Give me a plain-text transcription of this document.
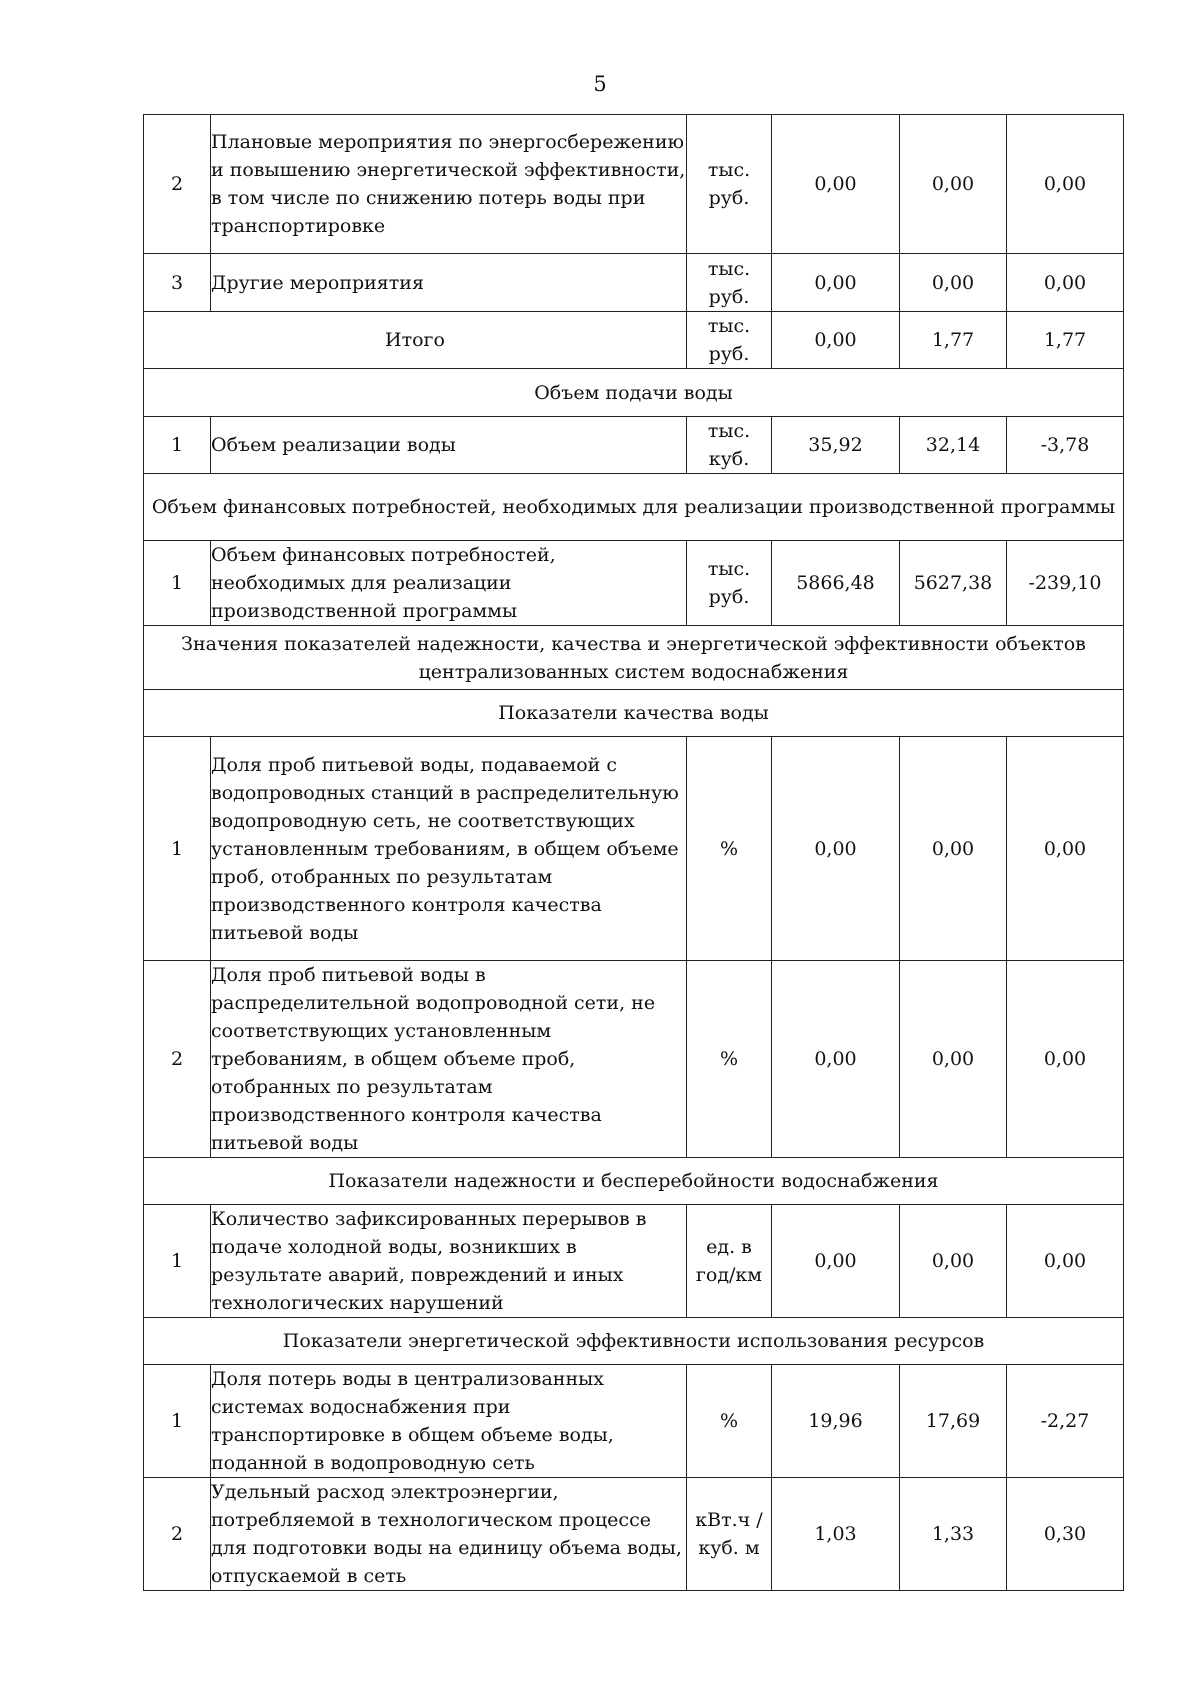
5
2	Плановые мероприятия по энергосбережению и повышению энергетической эффективности, в том числе по снижению потерь воды при транспортировке	тыс. руб.	0,00	0,00	0,00
3	Другие мероприятия	тыс. руб.	0,00	0,00	0,00
Итого		тыс. руб.	0,00	1,77	1,77
Объем подачи воды					
1	Объем реализации воды	тыс. куб.	35,92	32,14	-3,78
Объем финансовых потребностей, необходимых для реализации производственной программы					
1	Объем финансовых потребностей, необходимых для реализации производственной программы	тыс. руб.	5866,48	5627,38	-239,10
Значения показателей надежности, качества и энергетической эффективности объектов централизованных систем водоснабжения					
Показатели качества воды					
1	Доля проб питьевой воды, подаваемой с водопроводных станций в распределительную водопроводную сеть, не соответствующих установленным требованиям, в общем объеме проб, отобранных по результатам производственного контроля качества питьевой воды	%	0,00	0,00	0,00
2	Доля проб питьевой воды в распределительной водопроводной сети, не соответствующих установленным требованиям, в общем объеме проб, отобранных по результатам производственного контроля качества питьевой воды	%	0,00	0,00	0,00
Показатели надежности и бесперебойности водоснабжения					
1	Количество зафиксированных перерывов в подаче холодной воды, возникших в результате аварий, повреждений и иных технологических нарушений	ед. в год/км	0,00	0,00	0,00
Показатели энергетической эффективности использования ресурсов					
1	Доля потерь воды в централизованных системах водоснабжения при транспортировке в общем объеме воды, поданной в водопроводную сеть	%	19,96	17,69	-2,27
2	Удельный расход электроэнергии, потребляемой в технологическом процессе для подготовки воды на единицу объема воды, отпускаемой в сеть	кВт.ч / куб. м	1,03	1,33	0,30
